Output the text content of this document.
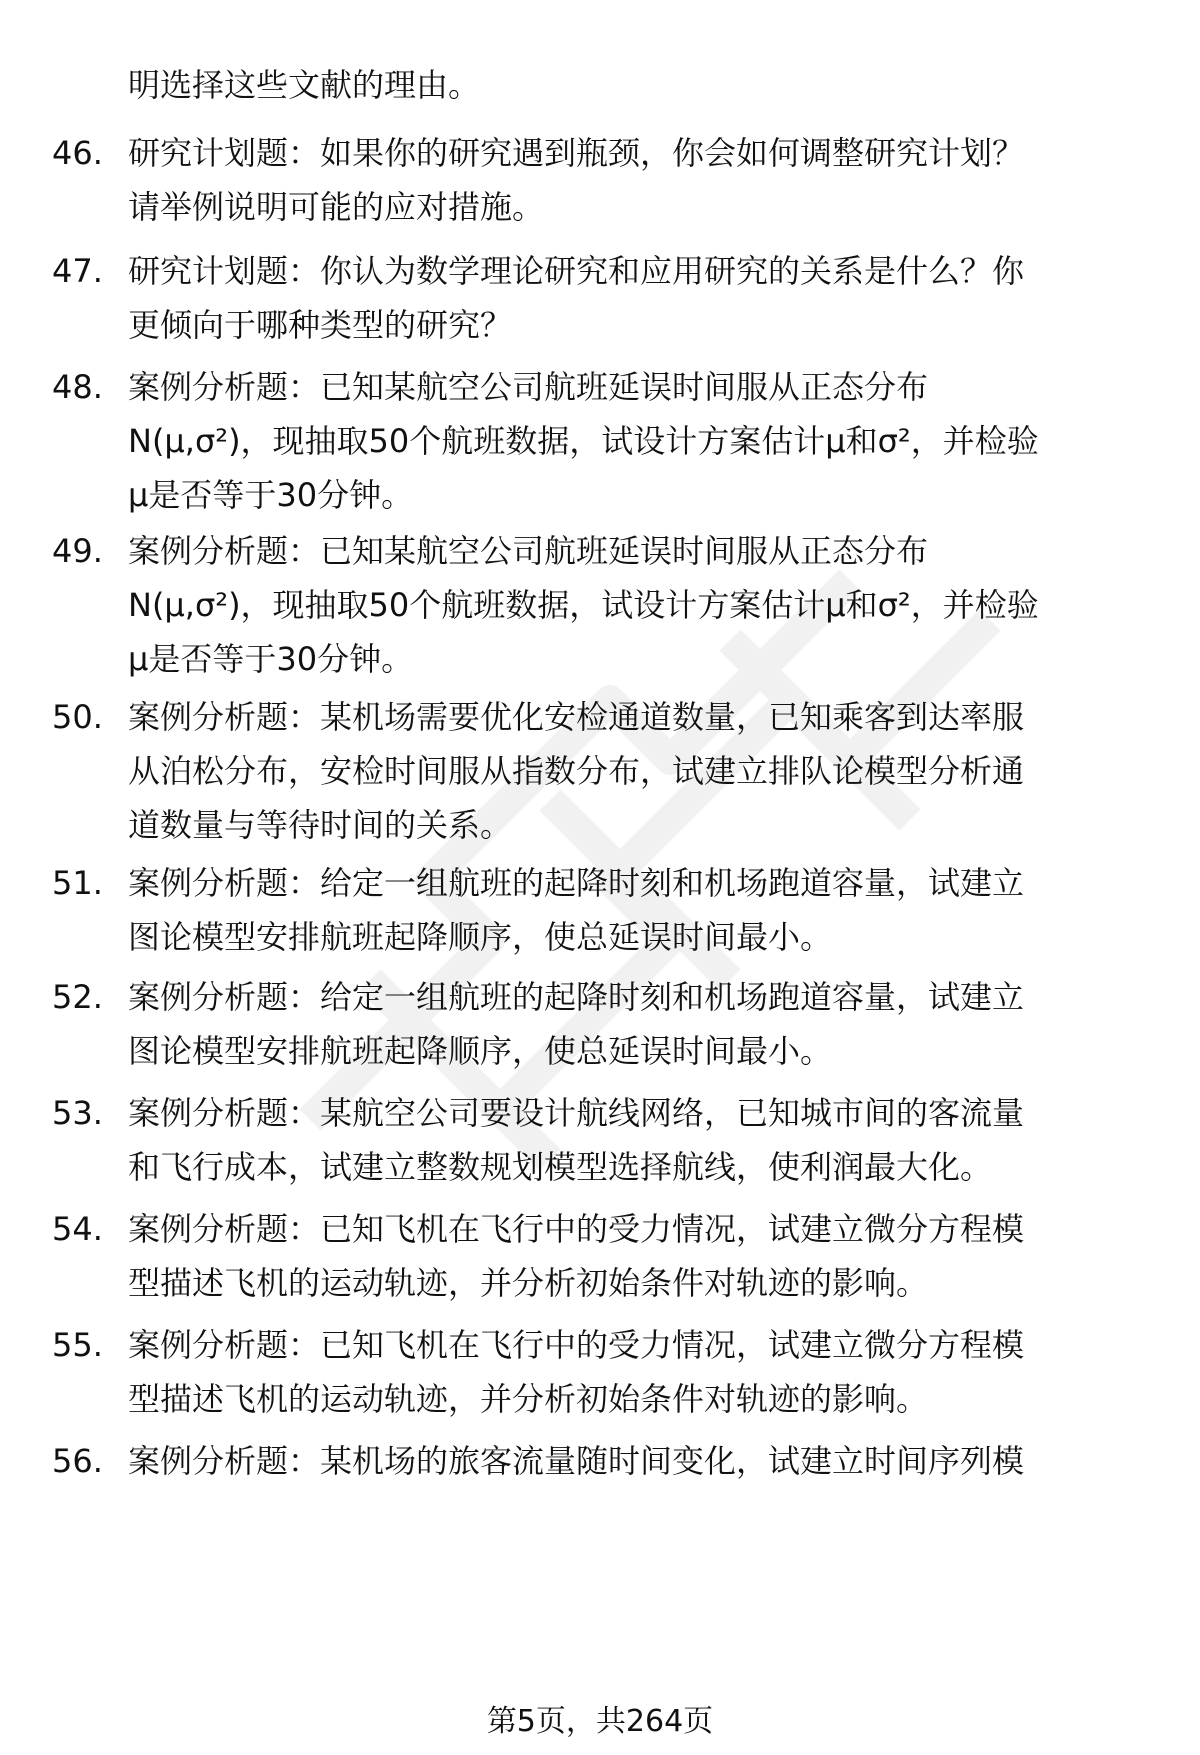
明选择这些文献的理由。
46. 研究计划题：如果你的研究遇到瓶颈，你会如何调整研究计划？
请举例说明可能的应对措施。
47. 研究计划题：你认为数学理论研究和应用研究的关系是什么？你
更倾向于哪种类型的研究？
48. 案例分析题：已知某航空公司航班延误时间服从正态分布
N(μ,σ²)，现抽取50个航班数据，试设计方案估计μ和σ²，并检验
μ是否等于30分钟。
49. 案例分析题：已知某航空公司航班延误时间服从正态分布
N(μ,σ²)，现抽取50个航班数据，试设计方案估计μ和σ²，并检验
μ是否等于30分钟。
50. 案例分析题：某机场需要优化安检通道数量，已知乘客到达率服
从泊松分布，安检时间服从指数分布，试建立排队论模型分析通
道数量与等待时间的关系。
51. 案例分析题：给定一组航班的起降时刻和机场跑道容量，试建立
图论模型安排航班起降顺序，使总延误时间最小。
52. 案例分析题：给定一组航班的起降时刻和机场跑道容量，试建立
图论模型安排航班起降顺序，使总延误时间最小。
53. 案例分析题：某航空公司要设计航线网络，已知城市间的客流量
和飞行成本，试建立整数规划模型选择航线，使利润最大化。
54. 案例分析题：已知飞机在飞行中的受力情况，试建立微分方程模
型描述飞机的运动轨迹，并分析初始条件对轨迹的影响。
55. 案例分析题：已知飞机在飞行中的受力情况，试建立微分方程模
型描述飞机的运动轨迹，并分析初始条件对轨迹的影响。
56. 案例分析题：某机场的旅客流量随时间变化，试建立时间序列模
第5页，共264页
